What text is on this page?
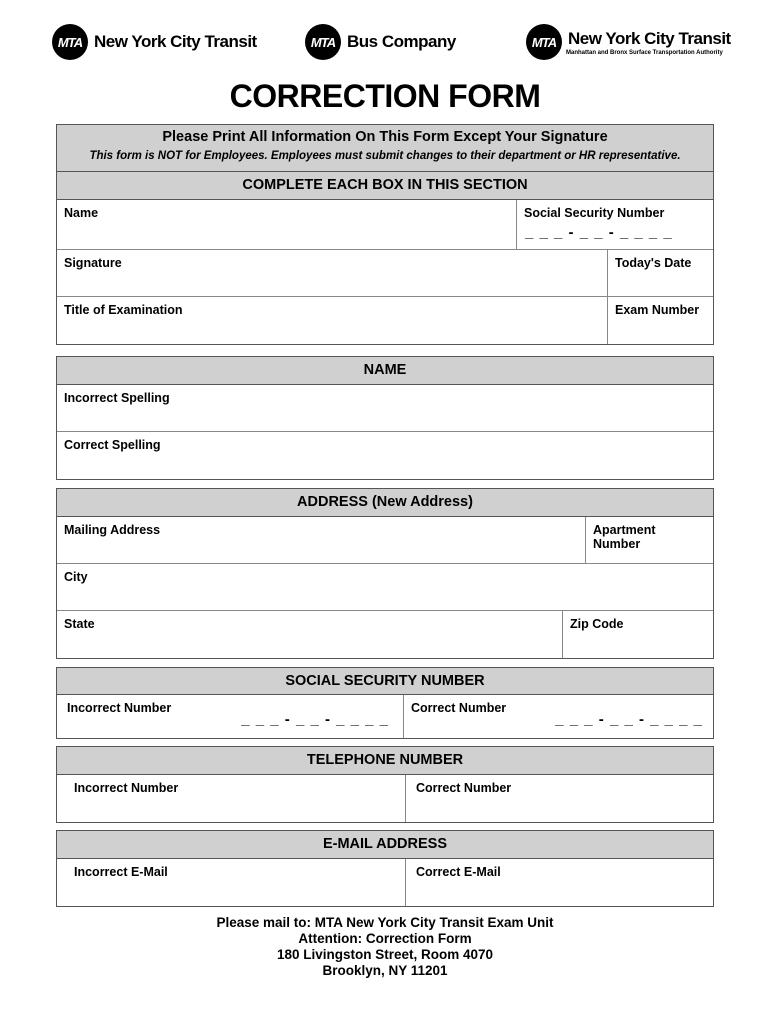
MTA New York City Transit	MTA Bus Company	MTA New York City Transit
Manhattan and Bronx Surface Transportation Authority
CORRECTION FORM
Please Print All Information On This Form Except Your Signature
This form is NOT for Employees. Employees must submit changes to their department or HR representative.
COMPLETE EACH BOX IN THIS SECTION
Name	Social Security Number
_ _ _ - _ _ - _ _ _ _
Signature	Today's Date
Title of Examination	Exam Number
NAME
Incorrect Spelling
Correct Spelling
ADDRESS (New Address)
Mailing Address	Apartment Number
City
State	Zip Code
SOCIAL SECURITY NUMBER
Incorrect Number
_ _ _ - _ _ - _ _ _ _
Correct Number
_ _ _ - _ _ - _ _ _ _
TELEPHONE NUMBER
Incorrect Number	Correct Number
E-MAIL ADDRESS
Incorrect E-Mail	Correct E-Mail
Please mail to: MTA New York City Transit Exam Unit
Attention: Correction Form
180 Livingston Street, Room 4070
Brooklyn, NY 11201
